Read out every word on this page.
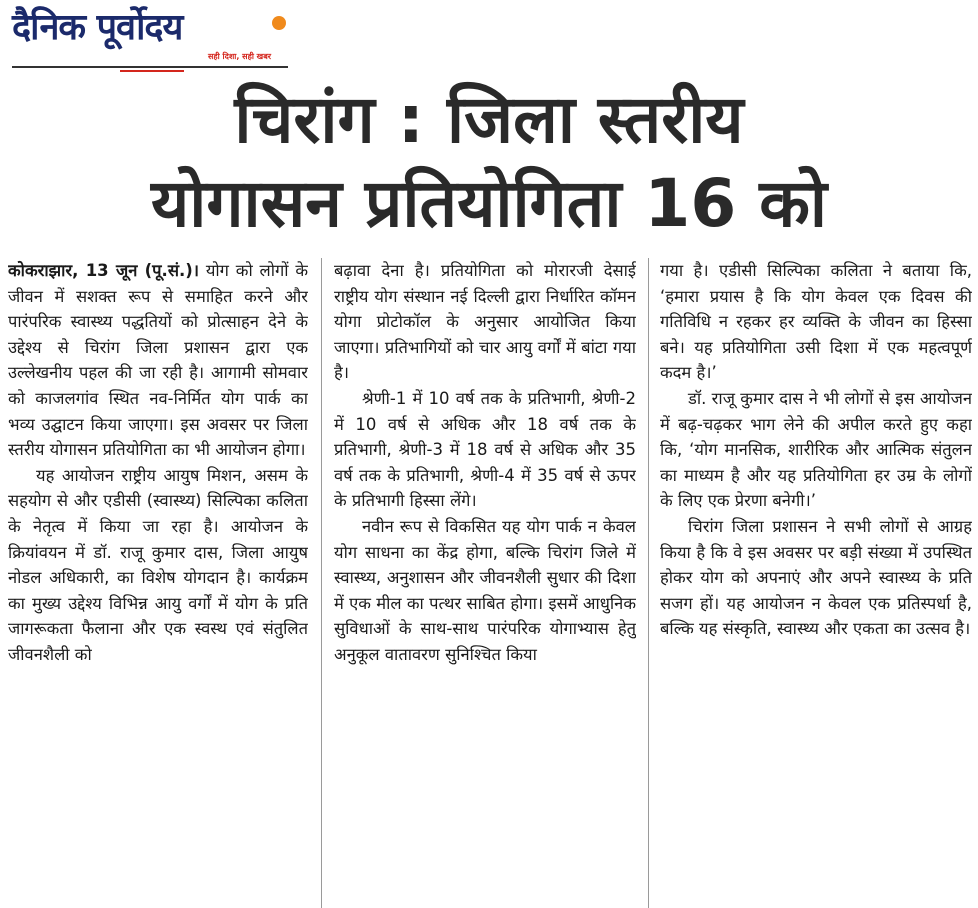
दैनिक पूर्वोदय
सही दिशा, सही खबर
चिरांग : जिला स्तरीय
योगासन प्रतियोगिता 16 को

कोकराझार, 13 जून (पू.सं.)। योग को लोगों के जीवन में सशक्त रूप से समाहित करने और पारंपरिक स्वास्थ्य पद्धतियों को प्रोत्साहन देने के उद्देश्य से चिरांग जिला प्रशासन द्वारा एक उल्लेखनीय पहल की जा रही है। आगामी सोमवार को काजलगांव स्थित नव-निर्मित योग पार्क का भव्य उद्घाटन किया जाएगा। इस अवसर पर जिला स्तरीय योगासन प्रतियोगिता का भी आयोजन होगा।

यह आयोजन राष्ट्रीय आयुष मिशन, असम के सहयोग से और एडीसी (स्वास्थ्य) सिल्पिका कलिता के नेतृत्व में किया जा रहा है। आयोजन के क्रियांवयन में डॉ. राजू कुमार दास, जिला आयुष नोडल अधिकारी, का विशेष योगदान है। कार्यक्रम का मुख्य उद्देश्य विभिन्न आयु वर्गों में योग के प्रति जागरूकता फैलाना और एक स्वस्थ एवं संतुलित जीवनशैली को

बढ़ावा देना है। प्रतियोगिता को मोरारजी देसाई राष्ट्रीय योग संस्थान नई दिल्ली द्वारा निर्धारित कॉमन योगा प्रोटोकॉल के अनुसार आयोजित किया जाएगा। प्रतिभागियों को चार आयु वर्गों में बांटा गया है।

श्रेणी-1 में 10 वर्ष तक के प्रतिभागी, श्रेणी-2 में 10 वर्ष से अधिक और 18 वर्ष तक के प्रतिभागी, श्रेणी-3 में 18 वर्ष से अधिक और 35 वर्ष तक के प्रतिभागी, श्रेणी-4 में 35 वर्ष से ऊपर के प्रतिभागी हिस्सा लेंगे।

नवीन रूप से विकसित यह योग पार्क न केवल योग साधना का केंद्र होगा, बल्कि चिरांग जिले में स्वास्थ्य, अनुशासन और जीवनशैली सुधार की दिशा में एक मील का पत्थर साबित होगा। इसमें आधुनिक सुविधाओं के साथ-साथ पारंपरिक योगाभ्यास हेतु अनुकूल वातावरण सुनिश्चित किया

गया है। एडीसी सिल्पिका कलिता ने बताया कि, ‘हमारा प्रयास है कि योग केवल एक दिवस की गतिविधि न रहकर हर व्यक्ति के जीवन का हिस्सा बने। यह प्रतियोगिता उसी दिशा में एक महत्वपूर्ण कदम है।’

डॉ. राजू कुमार दास ने भी लोगों से इस आयोजन में बढ़-चढ़कर भाग लेने की अपील करते हुए कहा कि, ‘योग मानसिक, शारीरिक और आत्मिक संतुलन का माध्यम है और यह प्रतियोगिता हर उम्र के लोगों के लिए एक प्रेरणा बनेगी।’

चिरांग जिला प्रशासन ने सभी लोगों से आग्रह किया है कि वे इस अवसर पर बड़ी संख्या में उपस्थित होकर योग को अपनाएं और अपने स्वास्थ्य के प्रति सजग हों। यह आयोजन न केवल एक प्रतिस्पर्धा है, बल्कि यह संस्कृति, स्वास्थ्य और एकता का उत्सव है।
